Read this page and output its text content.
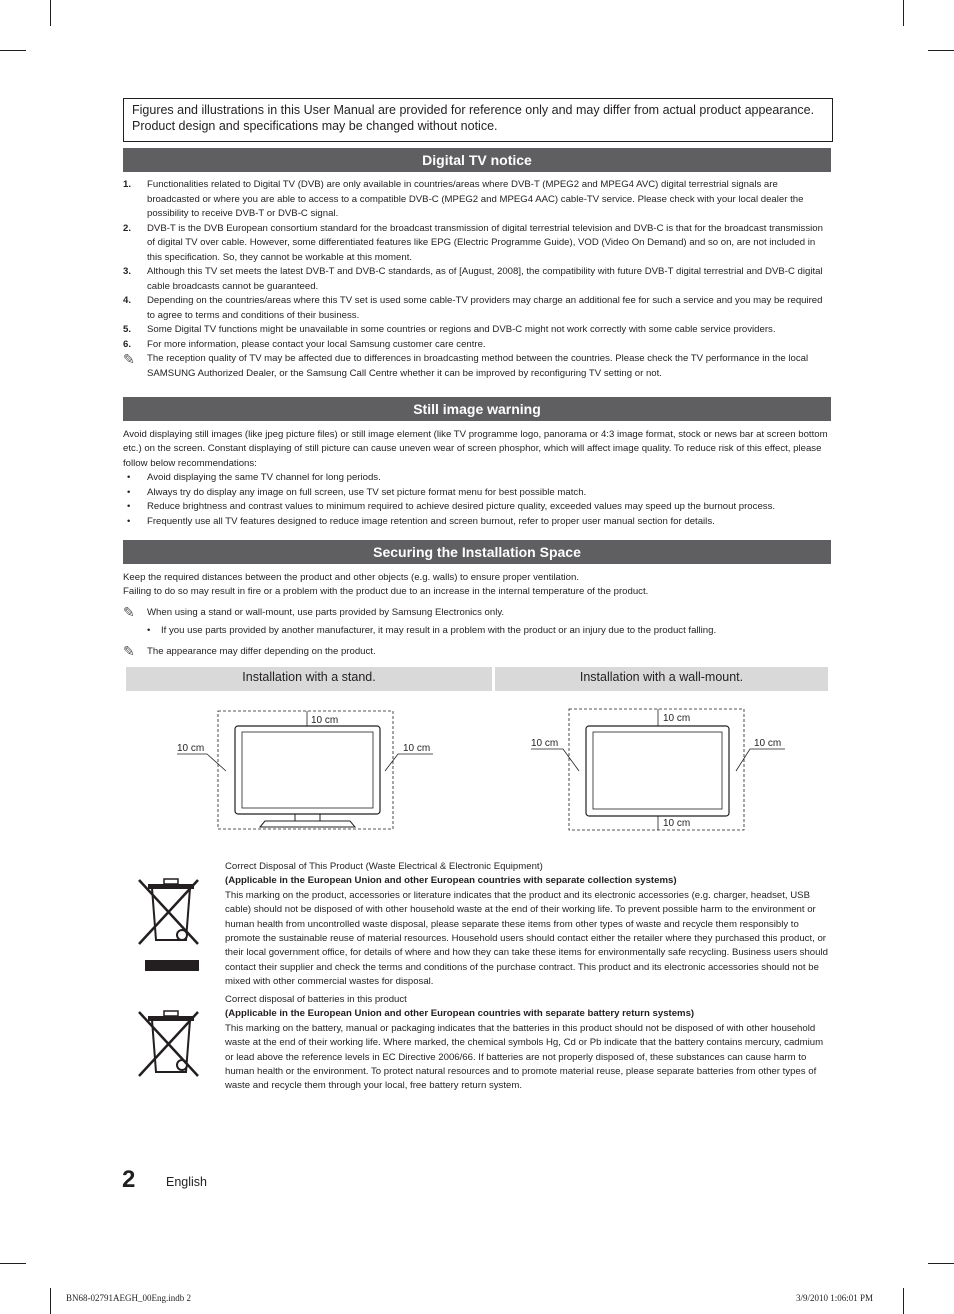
Figures and illustrations in this User Manual are provided for reference only and may differ from actual product appearance. Product design and specifications may be changed without notice.
Digital TV notice
1.	Functionalities related to Digital TV (DVB) are only available in countries/areas where DVB-T (MPEG2 and MPEG4 AVC) digital terrestrial signals are broadcasted or where you are able to access to a compatible DVB-C (MPEG2 and MPEG4 AAC) cable-TV service. Please check with your local dealer the possibility to receive DVB-T or DVB-C signal.
2.	DVB-T is the DVB European consortium standard for the broadcast transmission of digital terrestrial television and DVB-C is that for the broadcast transmission of digital TV over cable. However, some differentiated features like EPG (Electric Programme Guide), VOD (Video On Demand) and so on, are not included in this specification. So, they cannot be workable at this moment.
3.	Although this TV set meets the latest DVB-T and DVB-C standards, as of [August, 2008], the compatibility with future DVB-T digital terrestrial and DVB-C digital cable broadcasts cannot be guaranteed.
4.	Depending on the countries/areas where this TV set is used some cable-TV providers may charge an additional fee for such a service and you may be required to agree to terms and conditions of their business.
5.	Some Digital TV functions might be unavailable in some countries or regions and DVB-C might not work correctly with some cable service providers.
6.	For more information, please contact your local Samsung customer care centre.
✎	The reception quality of TV may be affected due to differences in broadcasting method between the countries. Please check the TV performance in the local SAMSUNG Authorized Dealer, or the Samsung Call Centre whether it can be improved by reconfiguring TV setting or not.
Still image warning
Avoid displaying still images (like jpeg picture files) or still image element (like TV programme logo, panorama or 4:3 image format, stock or news bar at screen bottom etc.) on the screen. Constant displaying of still picture can cause uneven wear of screen phosphor, which will affect image quality. To reduce risk of this effect, please follow below recommendations:
•	Avoid displaying the same TV channel for long periods.
•	Always try do display any image on full screen, use TV set picture format menu for best possible match.
•	Reduce brightness and contrast values to minimum required to achieve desired picture quality, exceeded values may speed up the burnout process.
•	Frequently use all TV features designed to reduce image retention and screen burnout, refer to proper user manual section for details.
Securing the Installation Space
Keep the required distances between the product and other objects (e.g. walls) to ensure proper ventilation.
Failing to do so may result in fire or a problem with the product due to an increase in the internal temperature of the product.
✎	When using a stand or wall-mount, use parts provided by Samsung Electronics only.
•	If you use parts provided by another manufacturer, it may result in a problem with the product or an injury due to the product falling.
✎	The appearance may differ depending on the product.
Installation with a stand.	Installation with a wall-mount.
10 cm
10 cm	10 cm
10 cm
10 cm
10 cm	10 cm
Correct Disposal of This Product (Waste Electrical & Electronic Equipment)
(Applicable in the European Union and other European countries with separate collection systems)
This marking on the product, accessories or literature indicates that the product and its electronic accessories (e.g. charger, headset, USB cable) should not be disposed of with other household waste at the end of their working life. To prevent possible harm to the environment or human health from uncontrolled waste disposal, please separate these items from other types of waste and recycle them responsibly to promote the sustainable reuse of material resources. Household users should contact either the retailer where they purchased this product, or their local government office, for details of where and how they can take these items for environmentally safe recycling. Business users should contact their supplier and check the terms and conditions of the purchase contract. This product and its electronic accessories should not be mixed with other commercial wastes for disposal.
Correct disposal of batteries in this product
(Applicable in the European Union and other European countries with separate battery return systems)
This marking on the battery, manual or packaging indicates that the batteries in this product should not be disposed of with other household waste at the end of their working life. Where marked, the chemical symbols Hg, Cd or Pb indicate that the battery contains mercury, cadmium or lead above the reference levels in EC Directive 2006/66. If batteries are not properly disposed of, these substances can cause harm to human health or the environment. To protect natural resources and to promote material reuse, please separate batteries from other types of waste and recycle them through your local, free battery return system.
2 English
BN68-02791AEGH_00Eng.indb 2	3/9/2010 1:06:01 PM
